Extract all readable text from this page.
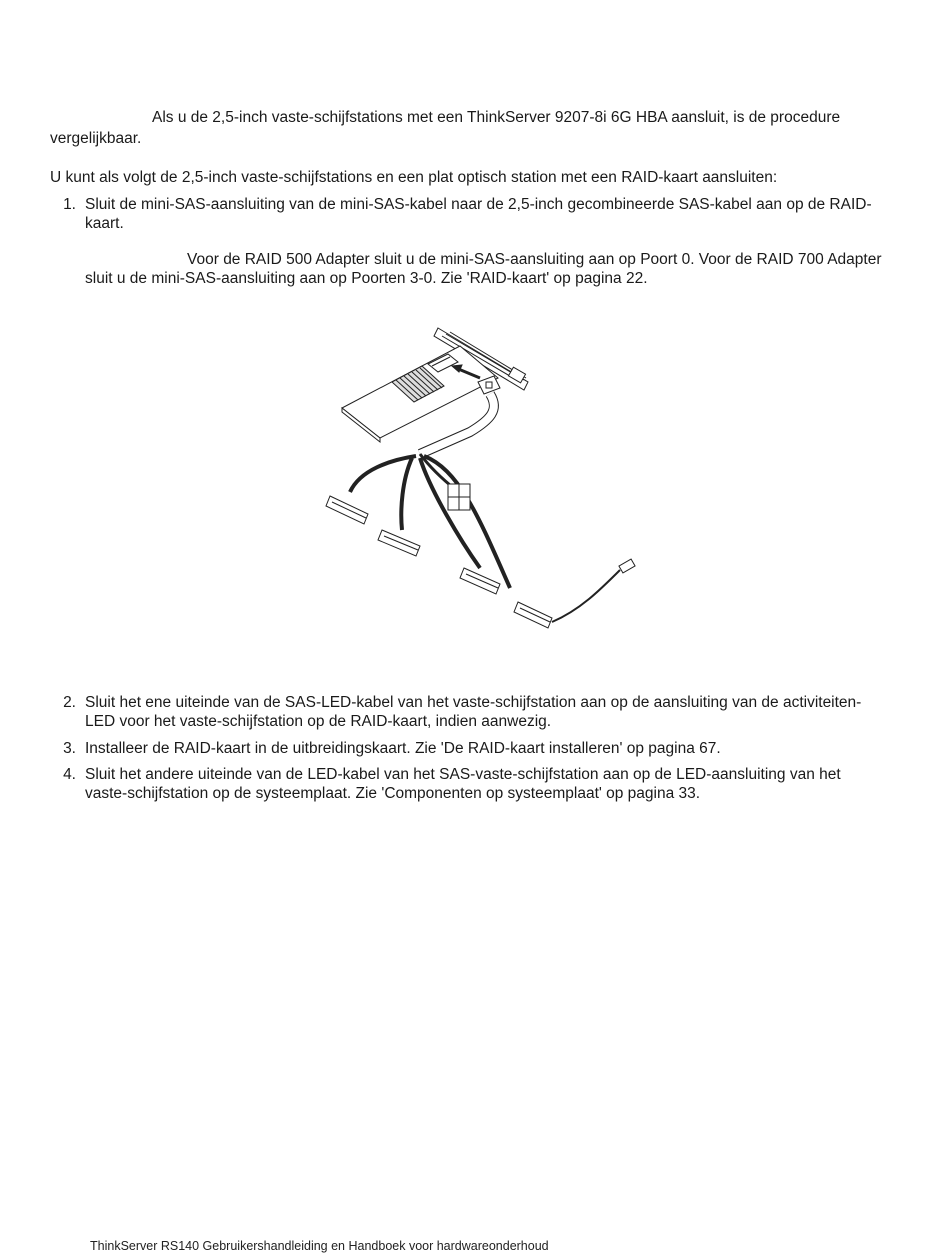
Als u de 2,5-inch vaste-schijfstations met een ThinkServer 9207-8i 6G HBA aansluit, is de procedure vergelijkbaar.

U kunt als volgt de 2,5-inch vaste-schijfstations en een plat optisch station met een RAID-kaart aansluiten:

1. Sluit de mini-SAS-aansluiting van de mini-SAS-kabel naar de 2,5-inch gecombineerde SAS-kabel aan op de RAID-kaart.
Voor de RAID 500 Adapter sluit u de mini-SAS-aansluiting aan op Poort 0. Voor de RAID 700 Adapter sluit u de mini-SAS-aansluiting aan op Poorten 3-0. Zie 'RAID-kaart' op pagina 22.
2. Sluit het ene uiteinde van de SAS-LED-kabel van het vaste-schijfstation aan op de aansluiting van de activiteiten-LED voor het vaste-schijfstation op de RAID-kaart, indien aanwezig.
3. Installeer de RAID-kaart in de uitbreidingskaart. Zie 'De RAID-kaart installeren' op pagina 67.
4. Sluit het andere uiteinde van de LED-kabel van het SAS-vaste-schijfstation aan op de LED-aansluiting van het vaste-schijfstation op de systeemplaat. Zie 'Componenten op systeemplaat' op pagina 33.
ThinkServer RS140 Gebruikershandleiding en Handboek voor hardwareonderhoud
